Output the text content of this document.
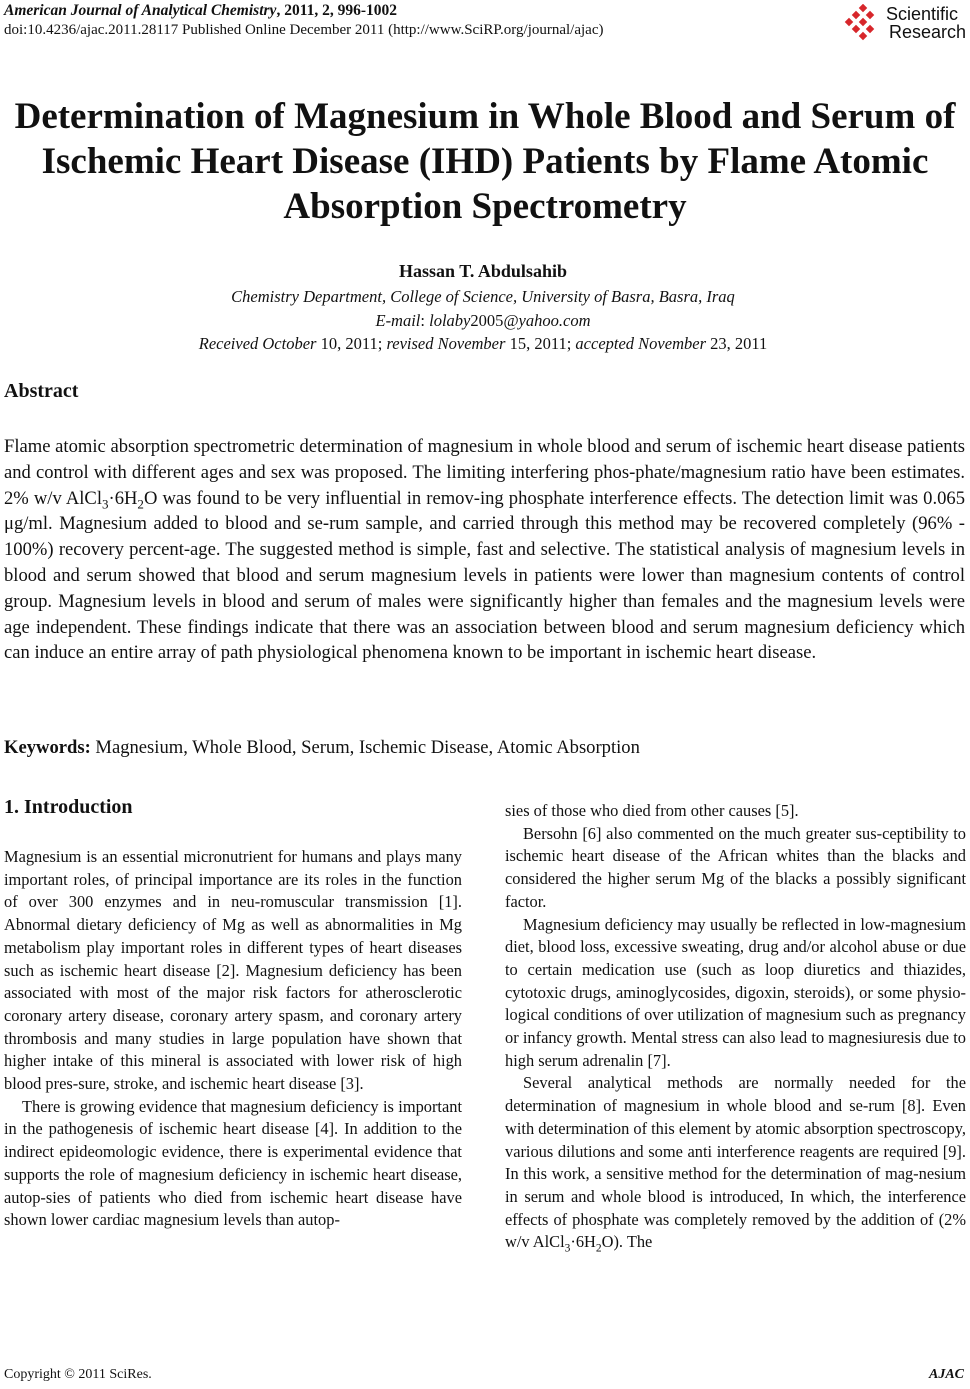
American Journal of Analytical Chemistry, 2011, 2, 996-1002
doi:10.4236/ajac.2011.28117 Published Online December 2011 (http://www.SciRP.org/journal/ajac)
Scientific
Research
Determination of Magnesium in Whole Blood and Serum of Ischemic Heart Disease (IHD) Patients by Flame Atomic Absorption Spectrometry
Hassan T. Abdulsahib
Chemistry Department, College of Science, University of Basra, Basra, Iraq
E-mail: lolaby2005@yahoo.com
Received October 10, 2011; revised November 15, 2011; accepted November 23, 2011
Abstract
Flame atomic absorption spectrometric determination of magnesium in whole blood and serum of ischemic heart disease patients and control with different ages and sex was proposed. The limiting interfering phos-phate/magnesium ratio have been estimates. 2% w/v $AlCl_3\cdot 6H_2O$ was found to be very influential in remov-ing phosphate interference effects. The detection limit was 0.065 μg/ml. Magnesium added to blood and se-rum sample, and carried through this method may be recovered completely (96% - 100%) recovery percent-age. The suggested method is simple, fast and selective. The statistical analysis of magnesium levels in blood and serum showed that blood and serum magnesium levels in patients were lower than magnesium contents of control group. Magnesium levels in blood and serum of males were significantly higher than females and the magnesium levels were age independent. These findings indicate that there was an association between blood and serum magnesium deficiency which can induce an entire array of path physiological phenomena known to be important in ischemic heart disease.
Keywords: Magnesium, Whole Blood, Serum, Ischemic Disease, Atomic Absorption
1. Introduction

Magnesium is an essential micronutrient for humans and plays many important roles, of principal importance are its roles in the function of over 300 enzymes and in neu-romuscular transmission [1]. Abnormal dietary deficiency of Mg as well as abnormalities in Mg metabolism play important roles in different types of heart diseases such as ischemic heart disease [2]. Magnesium deficiency has been associated with most of the major risk factors for atherosclerotic coronary artery disease, coronary artery spasm, and coronary artery thrombosis and many studies in large population have shown that higher intake of this mineral is associated with lower risk of high blood pres-sure, stroke, and ischemic heart disease [3].

There is growing evidence that magnesium deficiency is important in the pathogenesis of ischemic heart disease [4]. In addition to the indirect epideomologic evidence, there is experimental evidence that supports the role of magnesium deficiency in ischemic heart disease, autop-sies of patients who died from ischemic heart disease have shown lower cardiac magnesium levels than autop-

sies of those who died from other causes [5].

Bersohn [6] also commented on the much greater sus-ceptibility to ischemic heart disease of the African whites than the blacks and considered the higher serum Mg of the blacks a possibly significant factor.

Magnesium deficiency may usually be reflected in low-magnesium diet, blood loss, excessive sweating, drug and/or alcohol abuse or due to certain medication use (such as loop diuretics and thiazides, cytotoxic drugs, aminoglycosides, digoxin, steroids), or some physio-logical conditions of over utilization of magnesium such as pregnancy or infancy growth. Mental stress can also lead to magnesiuresis due to high serum adrenalin [7].

Several analytical methods are normally needed for the determination of magnesium in whole blood and se-rum [8]. Even with determination of this element by atomic absorption spectroscopy, various dilutions and some anti interference reagents are required [9]. In this work, a sensitive method for the determination of mag-nesium in serum and whole blood is introduced, In which, the interference effects of phosphate was completely removed by the addition of (2% w/v $AlCl_3\cdot 6H_2O$). The

Copyright © 2011 SciRes.	AJAC
